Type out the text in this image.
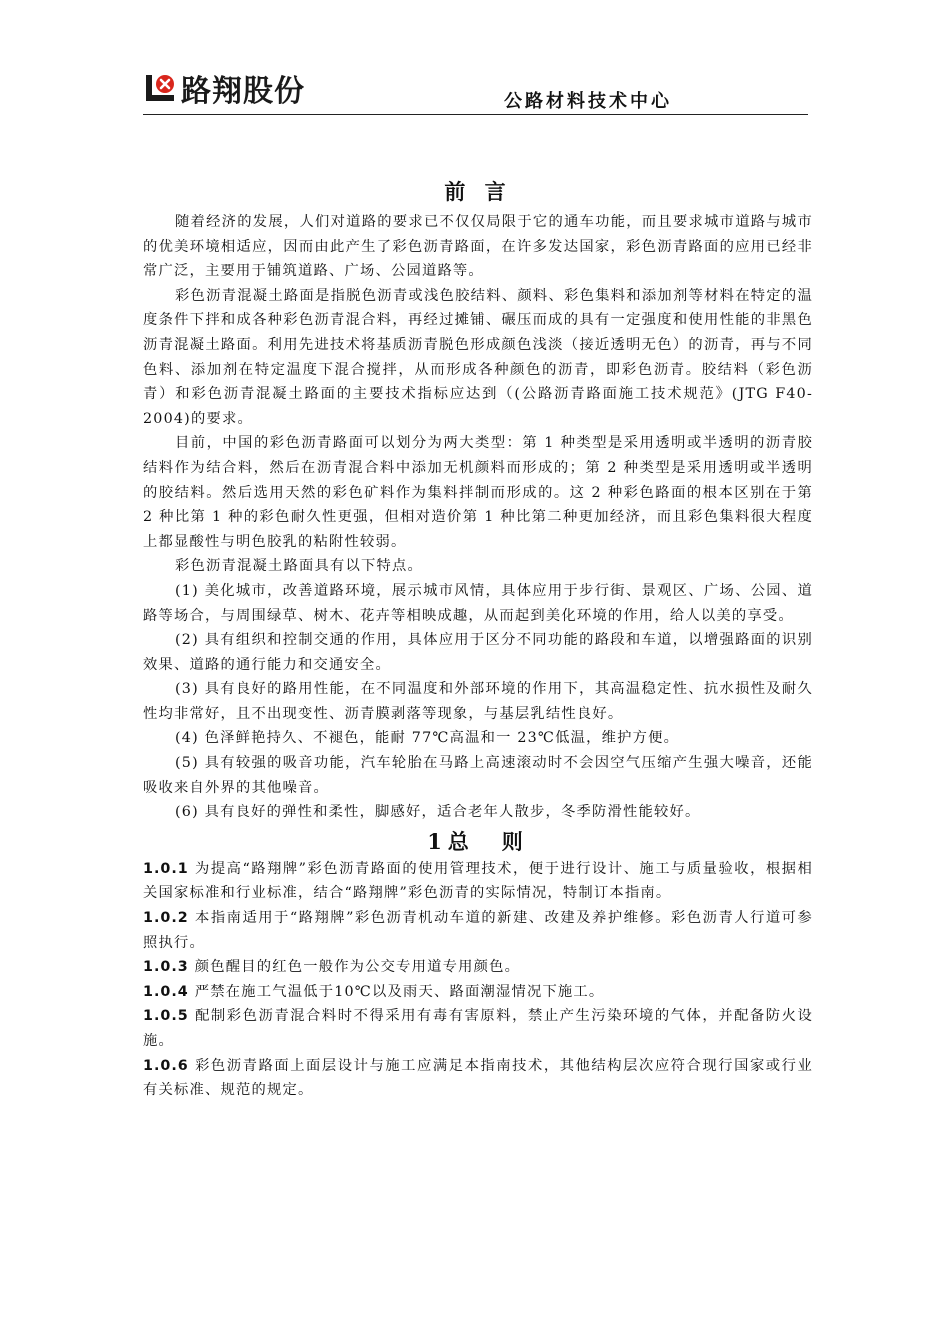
路翔股份	公路材料技术中心
前 言

随着经济的发展，人们对道路的要求已不仅仅局限于它的通车功能，而且要求城市道路与城市的优美环境相适应，因而由此产生了彩色沥青路面，在许多发达国家，彩色沥青路面的应用已经非常广泛，主要用于铺筑道路、广场、公园道路等。

彩色沥青混凝土路面是指脱色沥青或浅色胶结料、颜料、彩色集料和添加剂等材料在特定的温度条件下拌和成各种彩色沥青混合料，再经过摊铺、碾压而成的具有一定强度和使用性能的非黑色沥青混凝土路面。利用先进技术将基质沥青脱色形成颜色浅淡（接近透明无色）的沥青，再与不同色料、添加剂在特定温度下混合搅拌，从而形成各种颜色的沥青，即彩色沥青。胶结料（彩色沥青）和彩色沥青混凝土路面的主要技术指标应达到（(公路沥青路面施工技术规范》(JTG F40-2004)的要求。

目前，中国的彩色沥青路面可以划分为两大类型：第 1 种类型是采用透明或半透明的沥青胶结料作为结合料，然后在沥青混合料中添加无机颜料而形成的；第 2 种类型是采用透明或半透明的胶结料。然后选用天然的彩色矿料作为集料拌制而形成的。这 2 种彩色路面的根本区别在于第 2 种比第 1 种的彩色耐久性更强，但相对造价第 1 种比第二种更加经济，而且彩色集料很大程度上都显酸性与明色胶乳的粘附性较弱。

彩色沥青混凝土路面具有以下特点。

(1) 美化城市，改善道路环境，展示城市风情，具体应用于步行街、景观区、广场、公园、道路等场合，与周围绿草、树木、花卉等相映成趣，从而起到美化环境的作用，给人以美的享受。

(2) 具有组织和控制交通的作用，具体应用于区分不同功能的路段和车道，以增强路面的识别效果、道路的通行能力和交通安全。

(3) 具有良好的路用性能，在不同温度和外部环境的作用下，其高温稳定性、抗水损性及耐久性均非常好，且不出现变性、沥青膜剥落等现象，与基层乳结性良好。

(4) 色泽鲜艳持久、不褪色，能耐 77℃高温和一 23℃低温，维护方便。

(5) 具有较强的吸音功能，汽车轮胎在马路上高速滚动时不会因空气压缩产生强大噪音，还能吸收来自外界的其他噪音。

(6) 具有良好的弹性和柔性，脚感好，适合老年人散步，冬季防滑性能较好。

1总　则

1.0.1 为提高“路翔牌”彩色沥青路面的使用管理技术，便于进行设计、施工与质量验收，根据相关国家标准和行业标准，结合“路翔牌”彩色沥青的实际情况，特制订本指南。

1.0.2 本指南适用于“路翔牌”彩色沥青机动车道的新建、改建及养护维修。彩色沥青人行道可参照执行。

1.0.3 颜色醒目的红色一般作为公交专用道专用颜色。

1.0.4 严禁在施工气温低于10℃以及雨天、路面潮湿情况下施工。

1.0.5 配制彩色沥青混合料时不得采用有毒有害原料，禁止产生污染环境的气体，并配备防火设施。

1.0.6 彩色沥青路面上面层设计与施工应满足本指南技术，其他结构层次应符合现行国家或行业有关标准、规范的规定。
